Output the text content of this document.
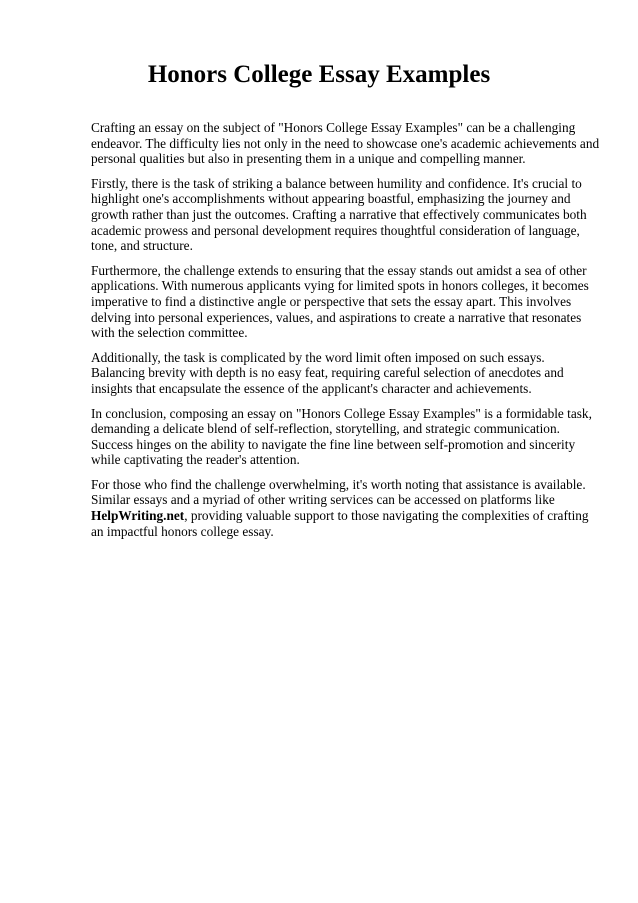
Honors College Essay Examples

Crafting an essay on the subject of "Honors College Essay Examples" can be a challenging endeavor. The difficulty lies not only in the need to showcase one's academic achievements and personal qualities but also in presenting them in a unique and compelling manner.

Firstly, there is the task of striking a balance between humility and confidence. It's crucial to highlight one's accomplishments without appearing boastful, emphasizing the journey and growth rather than just the outcomes. Crafting a narrative that effectively communicates both academic prowess and personal development requires thoughtful consideration of language, tone, and structure.

Furthermore, the challenge extends to ensuring that the essay stands out amidst a sea of other applications. With numerous applicants vying for limited spots in honors colleges, it becomes imperative to find a distinctive angle or perspective that sets the essay apart. This involves delving into personal experiences, values, and aspirations to create a narrative that resonates with the selection committee.

Additionally, the task is complicated by the word limit often imposed on such essays. Balancing brevity with depth is no easy feat, requiring careful selection of anecdotes and insights that encapsulate the essence of the applicant's character and achievements.

In conclusion, composing an essay on "Honors College Essay Examples" is a formidable task, demanding a delicate blend of self-reflection, storytelling, and strategic communication. Success hinges on the ability to navigate the fine line between self-promotion and sincerity while captivating the reader's attention.

For those who find the challenge overwhelming, it's worth noting that assistance is available. Similar essays and a myriad of other writing services can be accessed on platforms like HelpWriting.net, providing valuable support to those navigating the complexities of crafting an impactful honors college essay.
